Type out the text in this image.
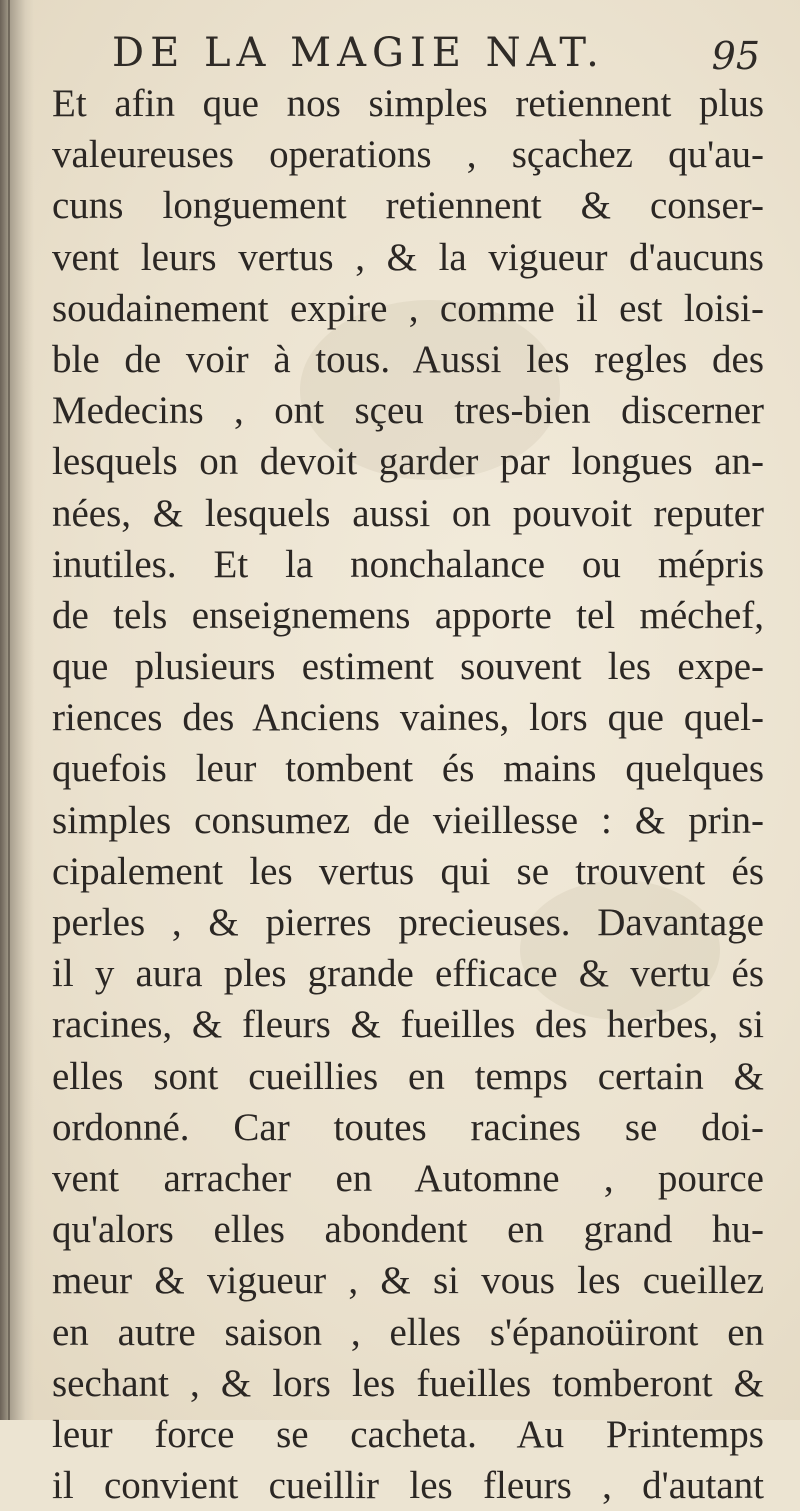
DE LA MAGIE NAT.	95
Et afin que nos simples retiennent plus
valeureuses operations , sçachez qu'au-
cuns longuement retiennent & conser-
vent leurs vertus , & la vigueur d'aucuns
soudainement expire , comme il est loisi-
ble de voir à tous. Aussi les regles des
Medecins , ont sçeu tres-bien discerner
lesquels on devoit garder par longues an-
nées, & lesquels aussi on pouvoit reputer
inutiles. Et la nonchalance ou mépris
de tels enseignemens apporte tel méchef,
que plusieurs estiment souvent les expe-
riences des Anciens vaines, lors que quel-
quefois leur tombent és mains quelques
simples consumez de vieillesse : & prin-
cipalement les vertus qui se trouvent és
perles , & pierres precieuses. Davantage
il y aura ples grande efficace & vertu és
racines, & fleurs & fueilles des herbes, si
elles sont cueillies en temps certain &
ordonné. Car toutes racines se doi-
vent arracher en Automne , pource
qu'alors elles abondent en grand hu-
meur & vigueur , & si vous les cueillez
en autre saison , elles s'épanoüiront en
sechant , & lors les fueilles tomberont &
leur force se cacheta. Au Printemps
il convient cueillir les fleurs , d'autant
